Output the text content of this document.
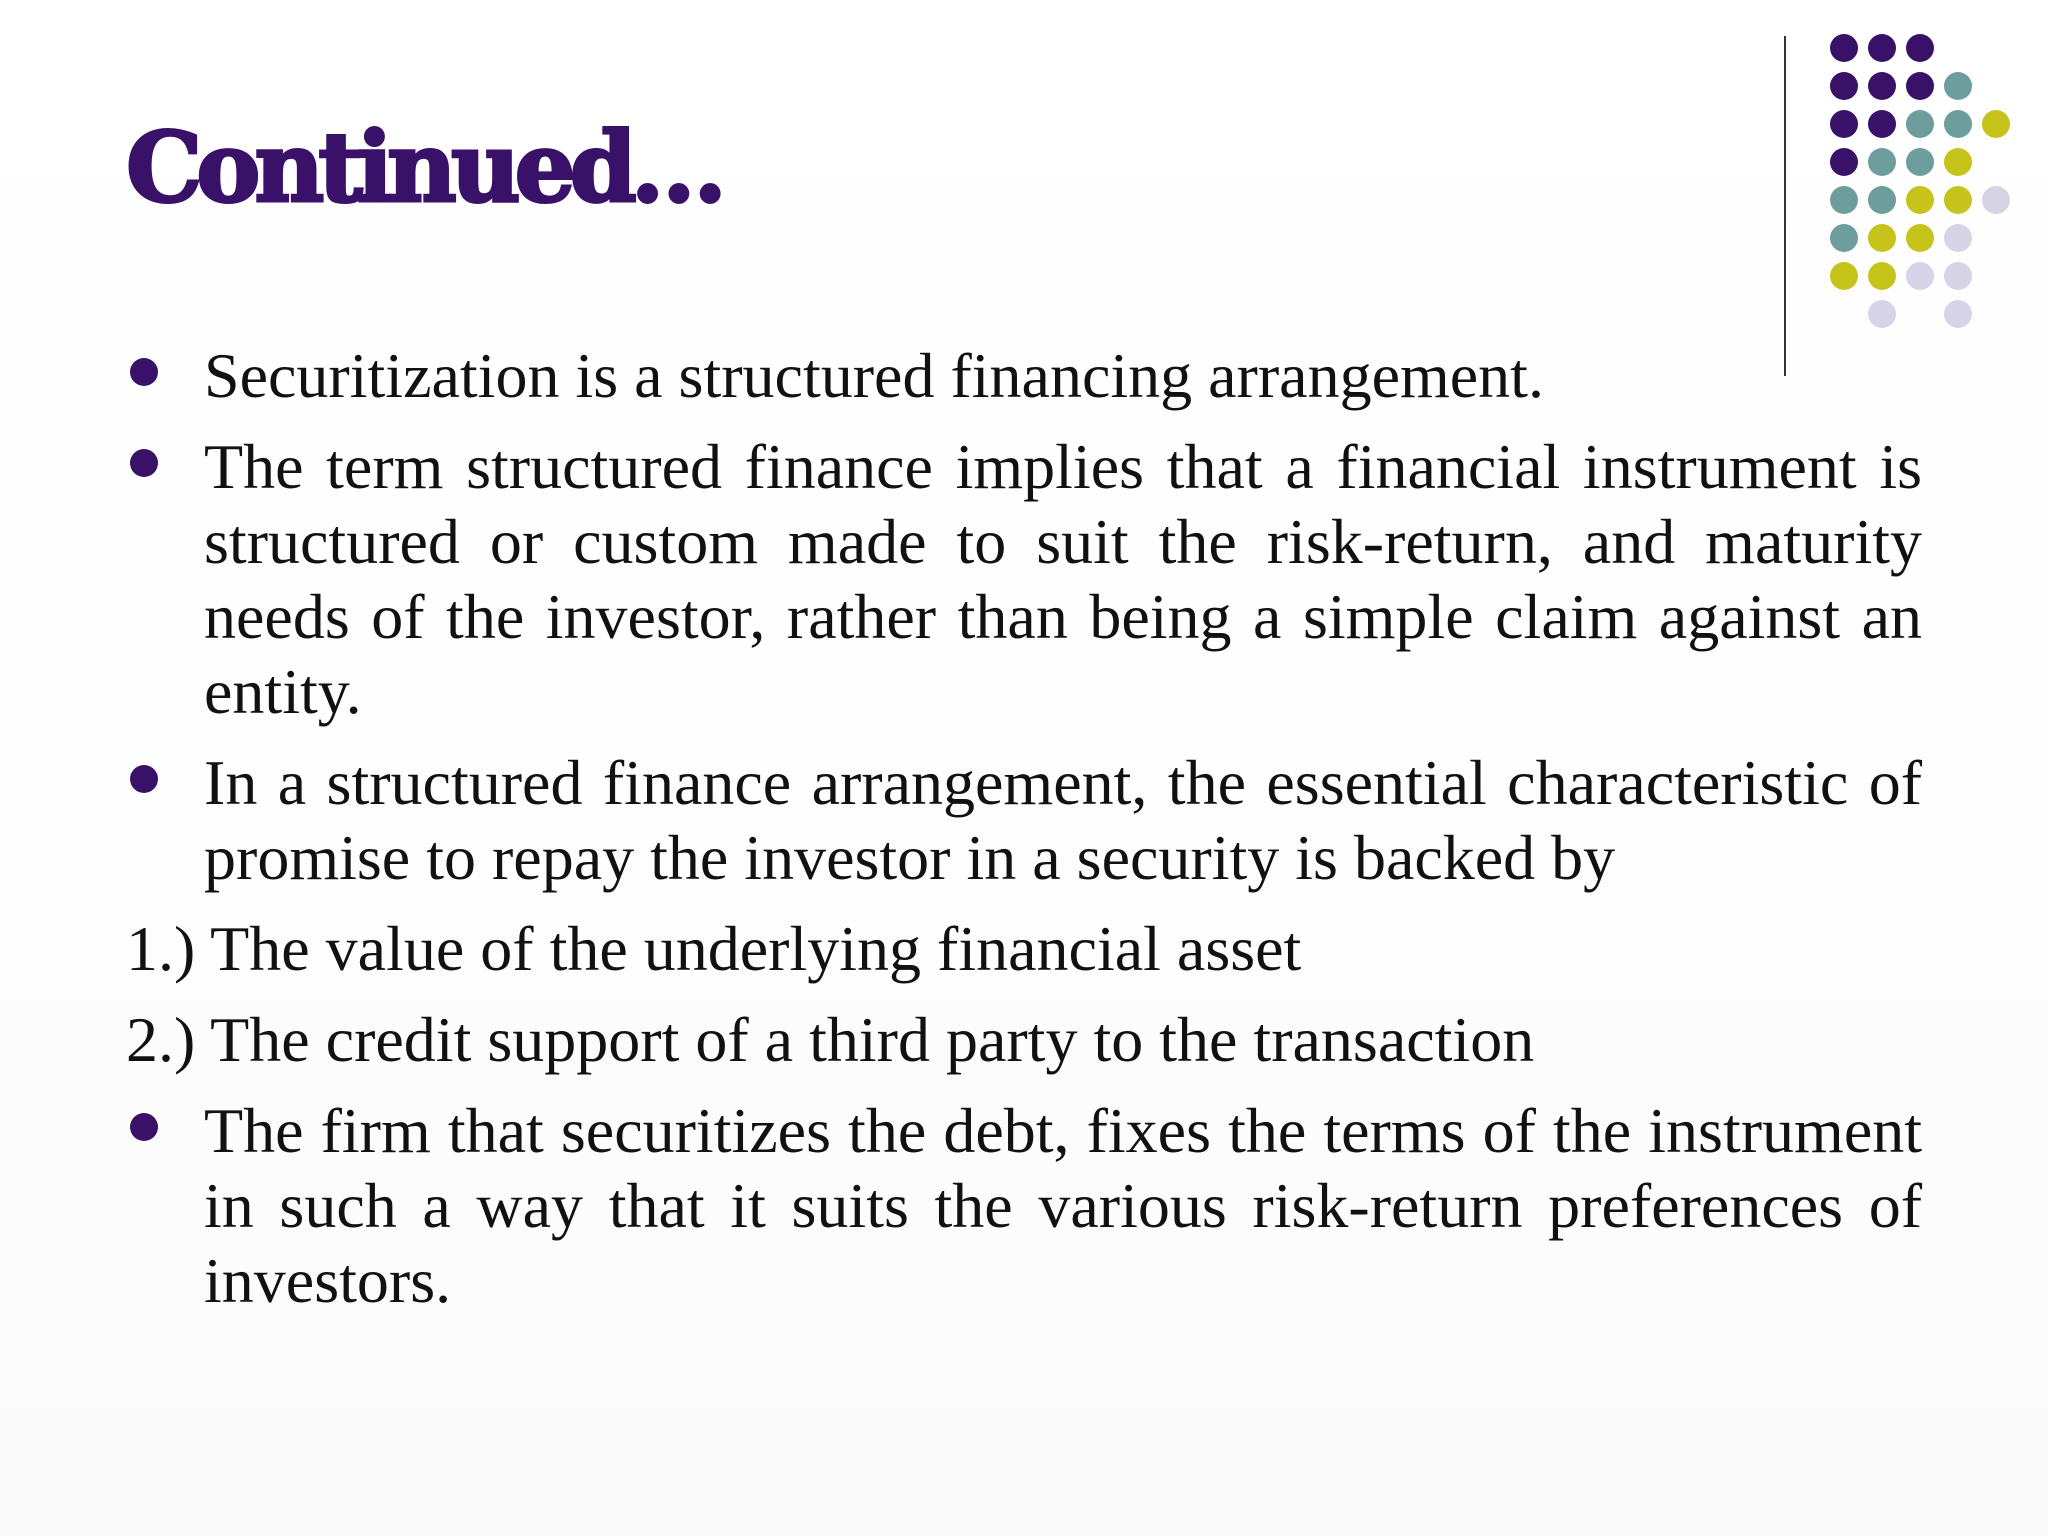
Continued…
Securitization is a structured financing arrangement.
The term structured finance implies that a financial instrument is structured or custom made to suit the risk-return, and maturity needs of the investor, rather than being a simple claim against an entity.
In a structured finance arrangement, the essential characteristic of promise to repay the investor in a security is backed by
1.) The value of the underlying financial asset
2.) The credit support of a third party to the transaction
The firm that securitizes the debt, fixes the terms of the instrument in such a way that it suits the various risk-return preferences of investors.
